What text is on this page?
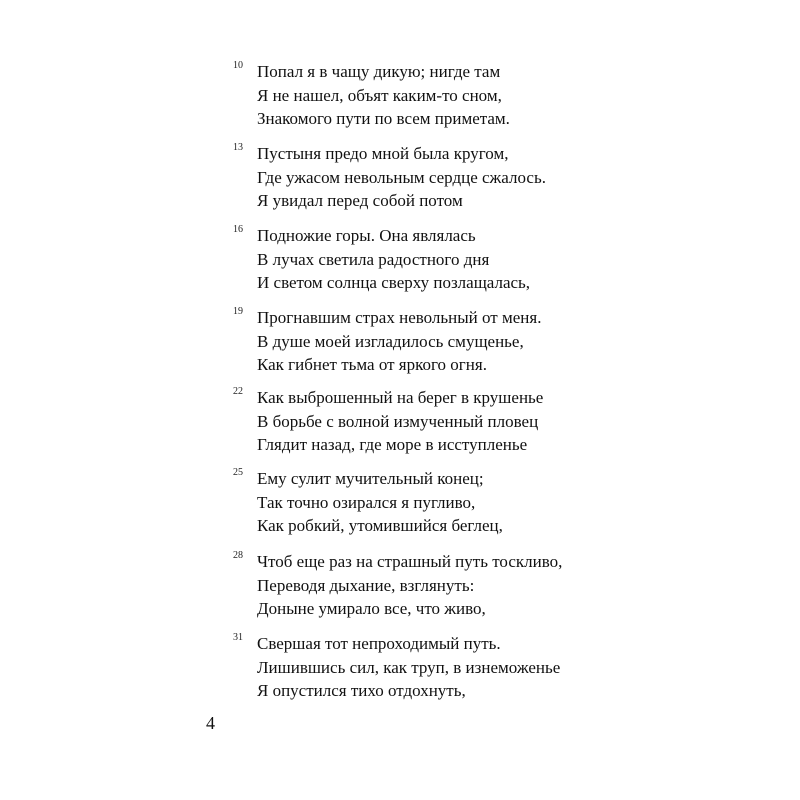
10 Попал я в чащу дикую; нигде там
Я не нашел, объят каким-то сном,
Знакомого пути по всем приметам.
13 Пустыня предо мной была кругом,
Где ужасом невольным сердце сжалось.
Я увидал перед собой потом
16 Подножие горы. Она являлась
В лучах светила радостного дня
И светом солнца сверху позлащалась,
19 Прогнавшим страх невольный от меня.
В душе моей изгладилось смущенье,
Как гибнет тьма от яркого огня.
22 Как выброшенный на берег в крушенье
В борьбе с волной измученный пловец
Глядит назад, где море в исступленье
25 Ему сулит мучительный конец;
Так точно озирался я пугливо,
Как робкий, утомившийся беглец,
28 Чтоб еще раз на страшный путь тоскливо,
Переводя дыхание, взглянуть:
Доныне умирало все, что живо,
31 Свершая тот непроходимый путь.
Лишившись сил, как труп, в изнеможенье
Я опустился тихо отдохнуть,
4
